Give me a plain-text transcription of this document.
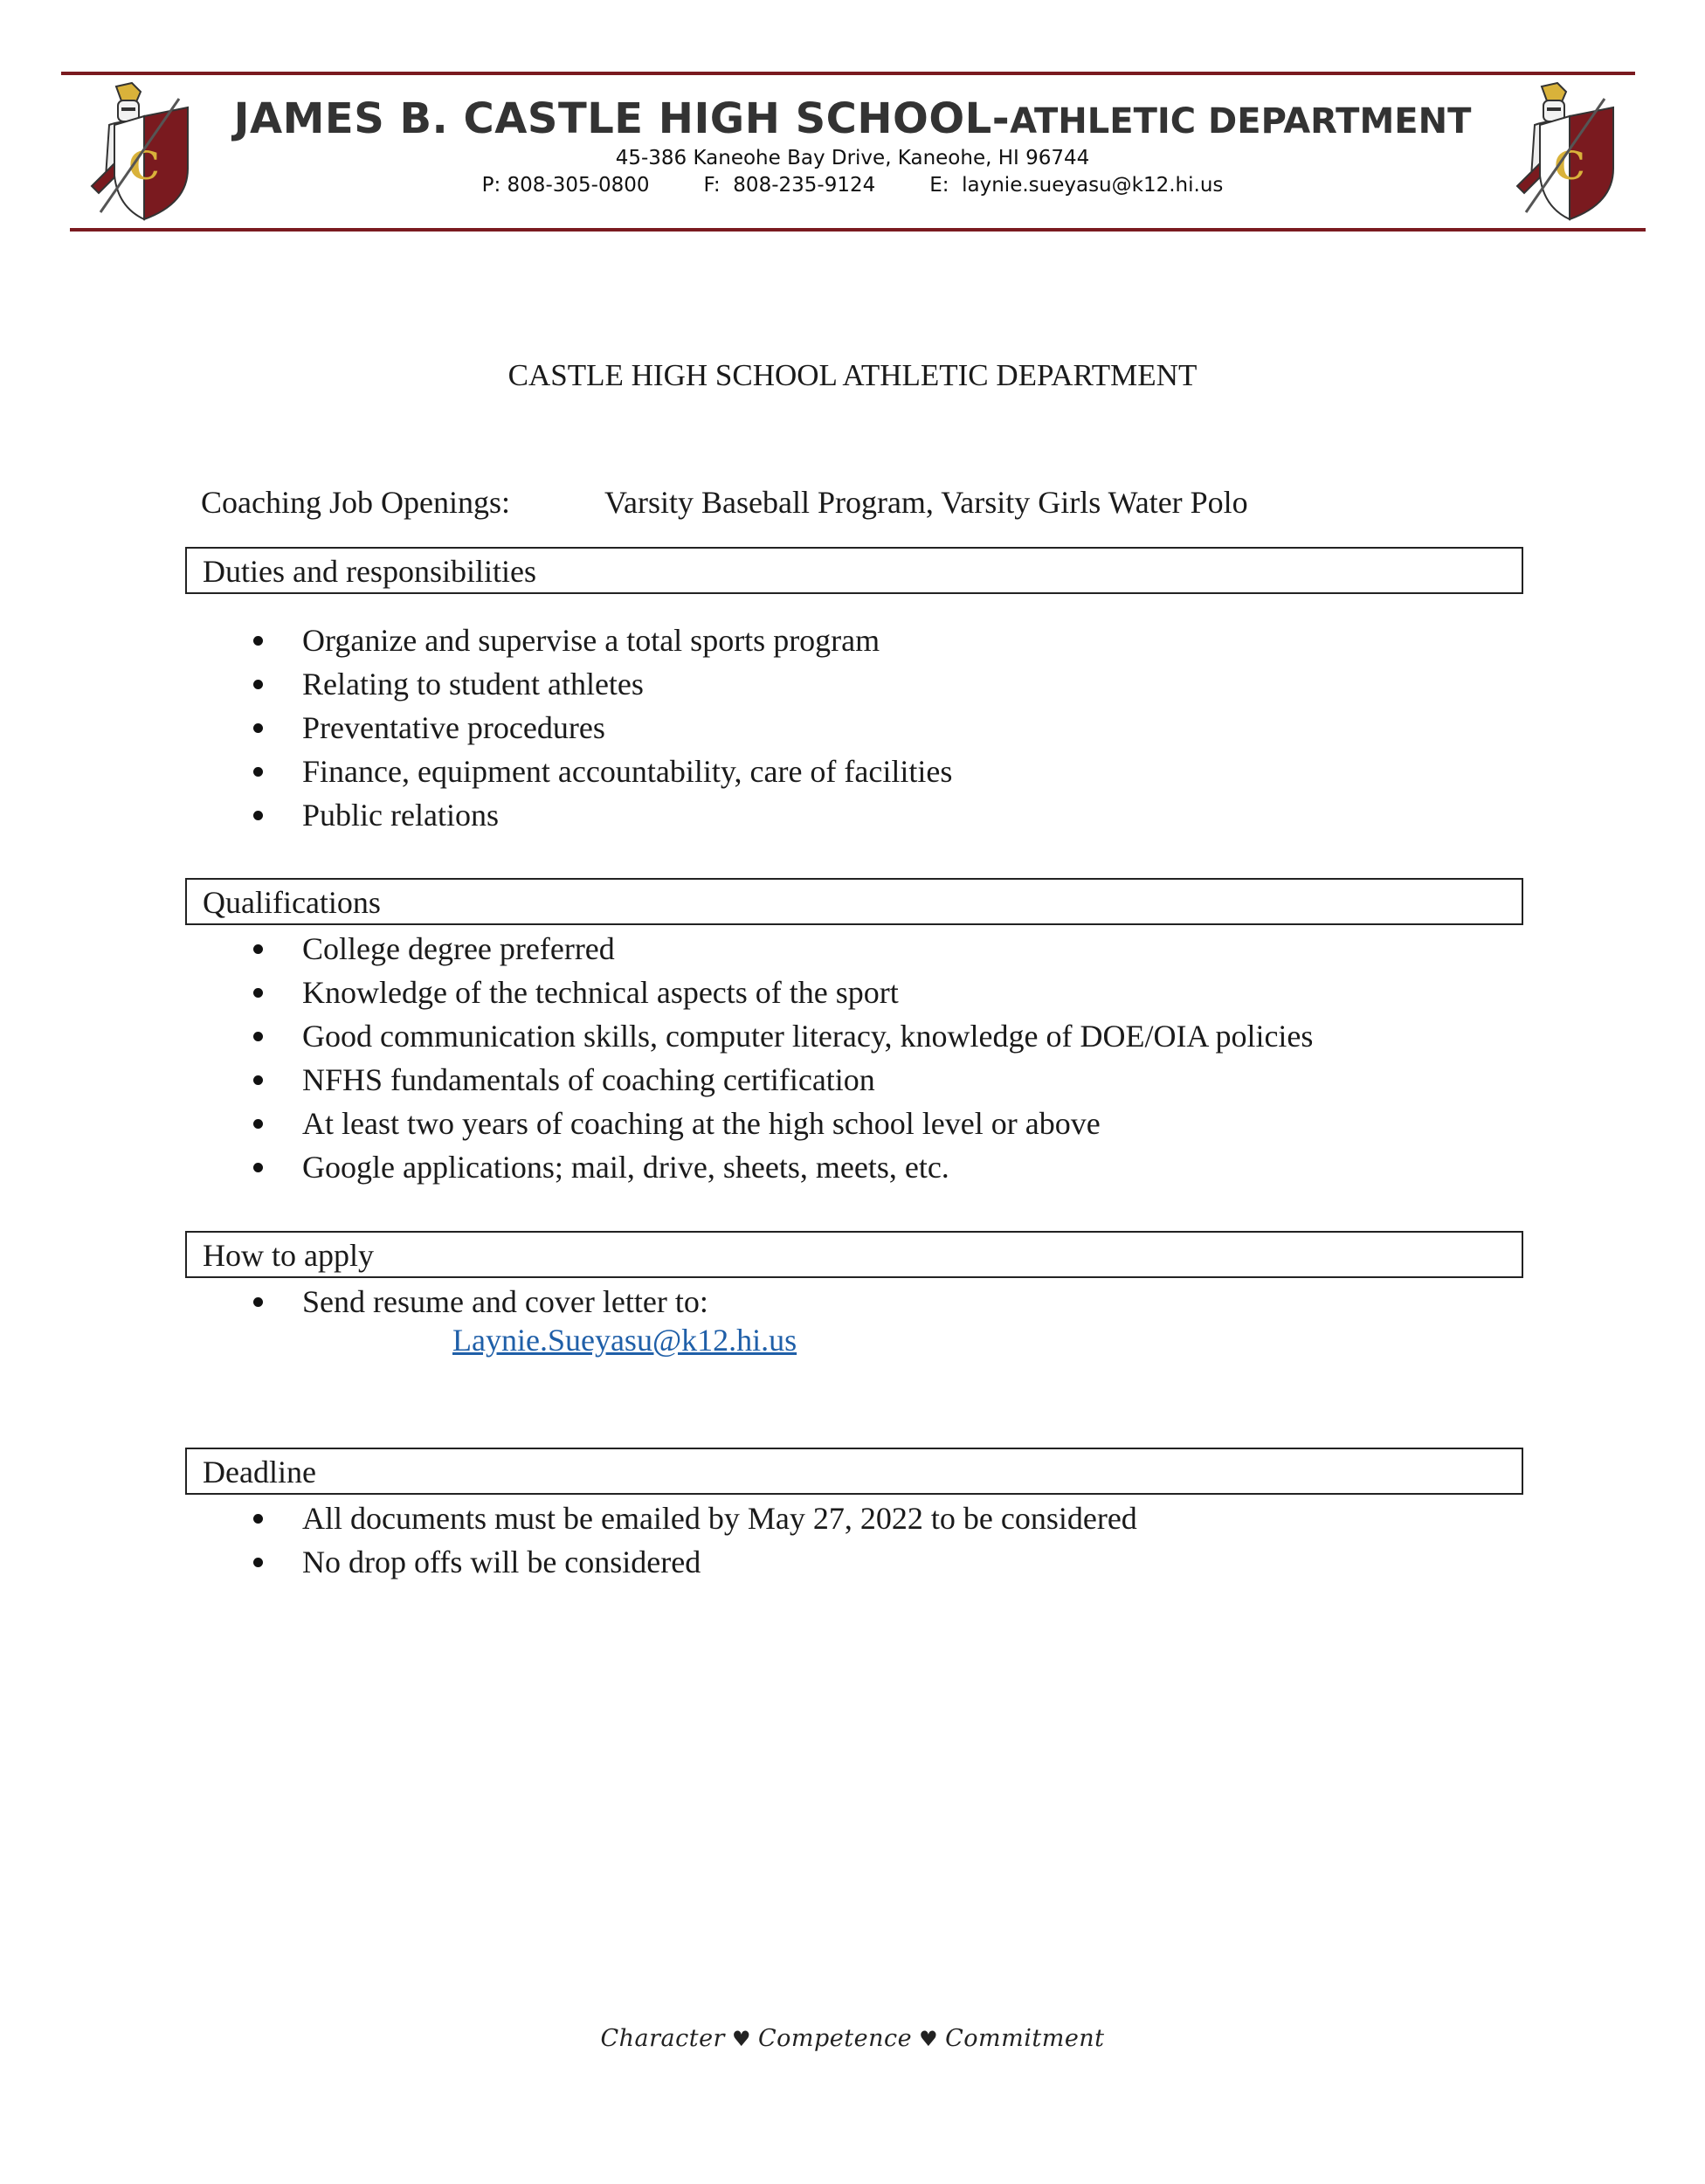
C
JAMES B. CASTLE HIGH SCHOOL-ATHLETIC DEPARTMENT
45-386 Kaneohe Bay Drive, Kaneohe, HI 96744
P: 808-305-0800	F:  808-235-9124	E:  laynie.sueyasu@k12.hi.us	C
CASTLE HIGH SCHOOL ATHLETIC DEPARTMENT
Coaching Job Openings:	Varsity Baseball Program, Varsity Girls Water Polo
Duties and responsibilities
Organize and supervise a total sports program
Relating to student athletes
Preventative procedures
Finance, equipment accountability, care of facilities
Public relations
Qualifications
College degree preferred
Knowledge of the technical aspects of the sport
Good communication skills, computer literacy, knowledge of DOE/OIA policies
NFHS fundamentals of coaching certification
At least two years of coaching at the high school level or above
Google applications; mail, drive, sheets, meets, etc.
How to apply
Send resume and cover letter to:
Laynie.Sueyasu@k12.hi.us
Deadline
All documents must be emailed by May 27, 2022 to be considered
No drop offs will be considered
Character ♥ Competence ♥ Commitment
